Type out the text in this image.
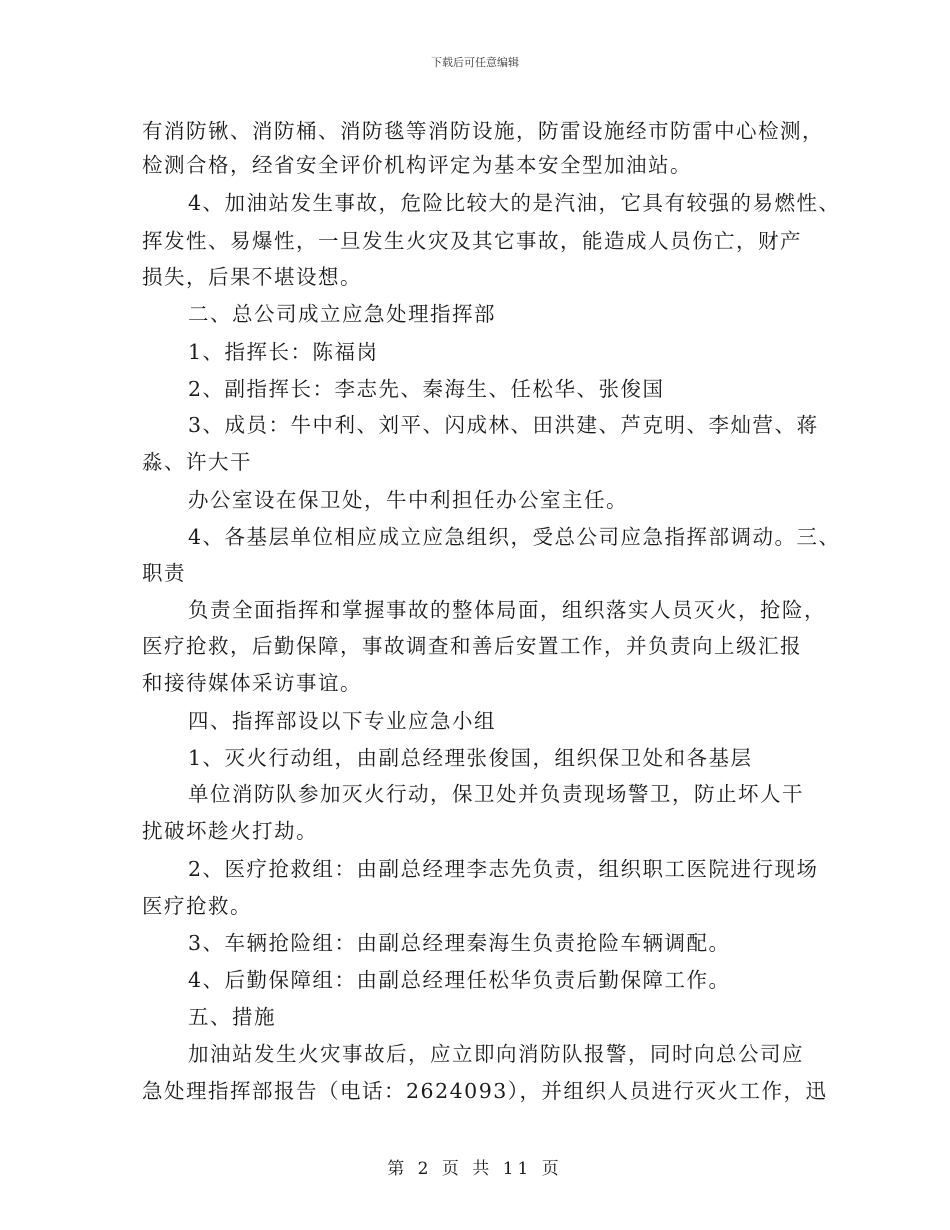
下载后可任意编辑
有消防锹、消防桶、消防毯等消防设施，防雷设施经市防雷中心检测，
检测合格，经省安全评价机构评定为基本安全型加油站。
4、加油站发生事故，危险比较大的是汽油，它具有较强的易燃性、
挥发性、易爆性，一旦发生火灾及其它事故，能造成人员伤亡，财产
损失，后果不堪设想。
二、总公司成立应急处理指挥部
1、指挥长：陈福岗
2、副指挥长：李志先、秦海生、任松华、张俊国
3、成员：牛中利、刘平、闪成林、田洪建、芦克明、李灿营、蒋
淼、许大干
办公室设在保卫处，牛中利担任办公室主任。
4、各基层单位相应成立应急组织，受总公司应急指挥部调动。三、
职责
负责全面指挥和掌握事故的整体局面，组织落实人员灭火，抢险，
医疗抢救，后勤保障，事故调查和善后安置工作，并负责向上级汇报
和接待媒体采访事谊。
四、指挥部设以下专业应急小组
1、灭火行动组，由副总经理张俊国，组织保卫处和各基层
单位消防队参加灭火行动，保卫处并负责现场警卫，防止坏人干
扰破坏趁火打劫。
2、医疗抢救组：由副总经理李志先负责，组织职工医院进行现场
医疗抢救。
3、车辆抢险组：由副总经理秦海生负责抢险车辆调配。
4、后勤保障组：由副总经理任松华负责后勤保障工作。
五、措施
加油站发生火灾事故后，应立即向消防队报警，同时向总公司应
急处理指挥部报告（电话：2624093），并组织人员进行灭火工作，迅
第 2 页 共 11 页
